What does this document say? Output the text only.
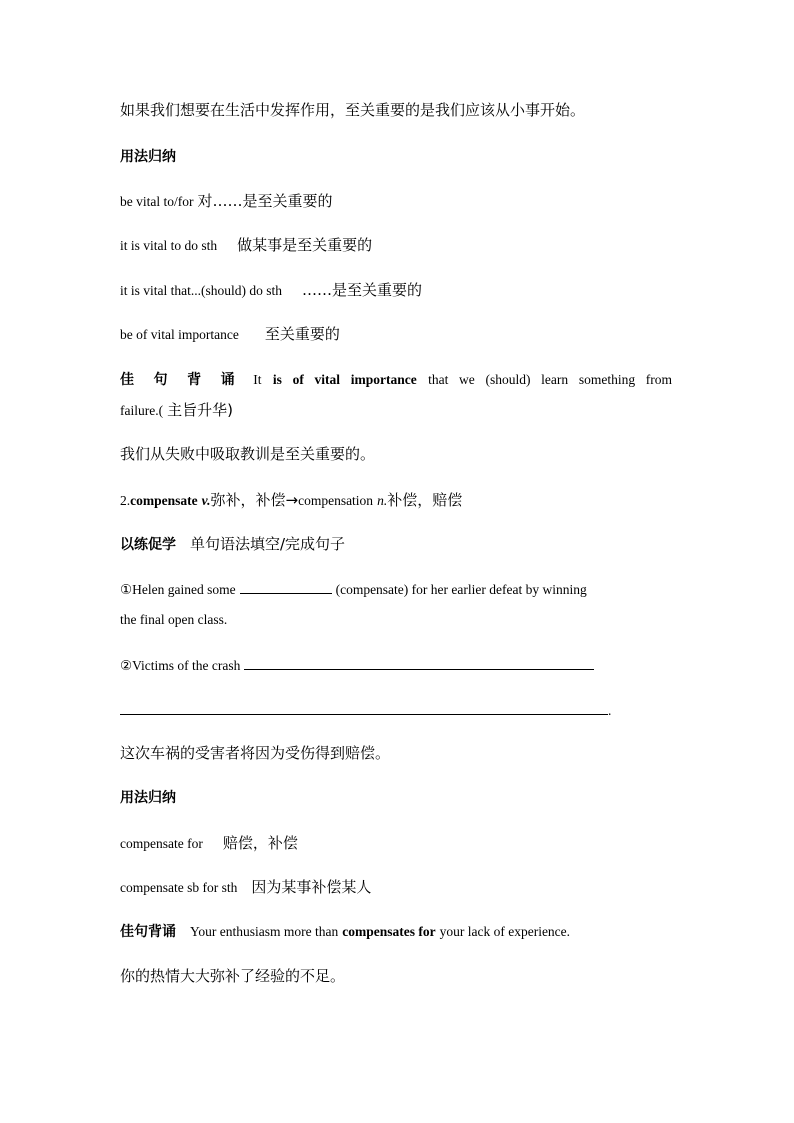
如果我们想要在生活中发挥作用，至关重要的是我们应该从小事开始。
用法归纳
be vital to/for 对……是至关重要的
it is vital to do sth 做某事是至关重要的
it is vital that...(should) do sth ……是至关重要的
be of vital importance 至关重要的
佳 句 背 诵 It is of vital importance that we (should) learn something from
failure.( 主旨升华)
我们从失败中吸取教训是至关重要的。
2.compensate v.弥补，补偿→compensation n.补偿，赔偿
以练促学 单句语法填空/完成句子
①Helen gained some	(compensate) for her earlier defeat by winning
the final open class.
②Victims of the crash
.
这次车祸的受害者将因为受伤得到赔偿。
用法归纳
compensate for 赔偿，补偿
compensate sb for sth 因为某事补偿某人
佳句背诵 Your enthusiasm more than compensates for your lack of experience.
你的热情大大弥补了经验的不足。
